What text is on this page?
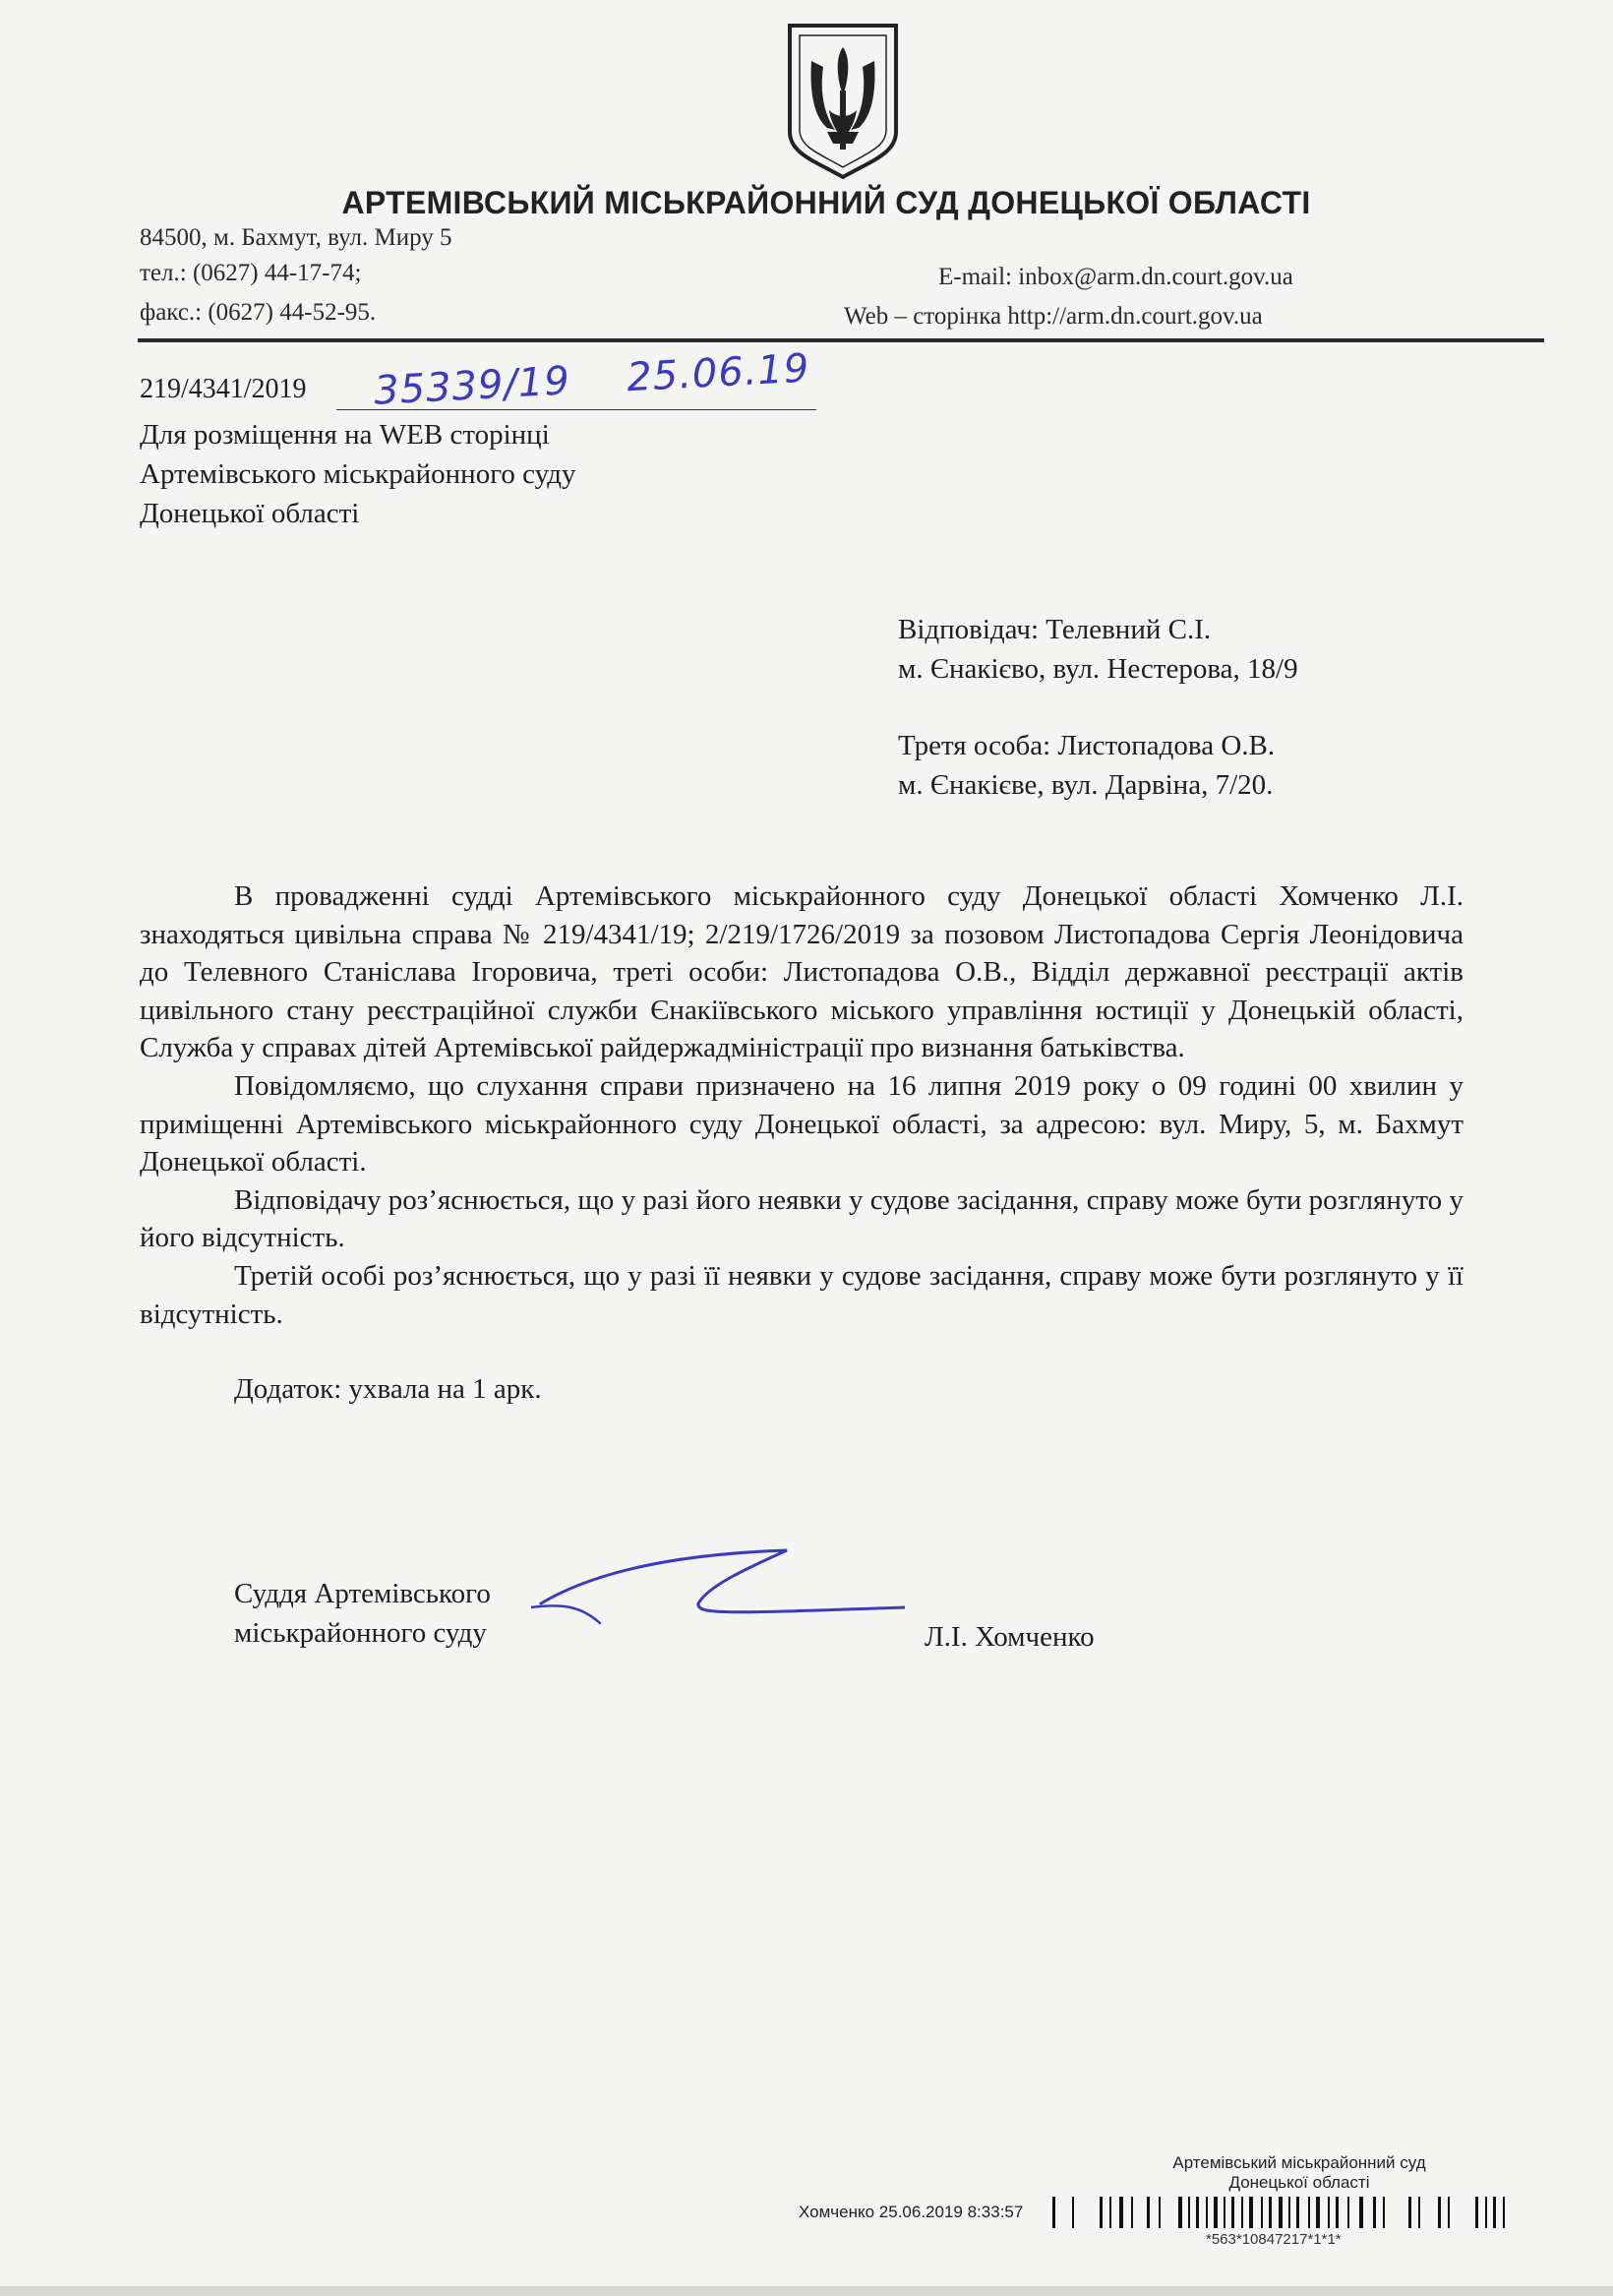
АРТЕМІВСЬКИЙ МІСЬКРАЙОННИЙ СУД ДОНЕЦЬКОЇ ОБЛАСТІ
84500, м. Бахмут, вул. Миру 5
тел.: (0627) 44-17-74;
факс.: (0627) 44-52-95.
E-mail: inbox@arm.dn.court.gov.ua
Web – сторінка http://arm.dn.court.gov.ua
219/4341/2019 35339/19 25.06.19
Для розміщення на WEB сторінці
Артемівського міськрайонного суду
Донецької області
Відповідач: Телевний С.І.
м. Єнакієво, вул. Нестерова, 18/9
Третя особа: Листопадова О.В.
м. Єнакієве, вул. Дарвіна, 7/20.

В провадженні судді Артемівського міськрайонного суду Донецької області Хомченко Л.І. знаходяться цивільна справа № 219/4341/19; 2/219/1726/2019 за позовом Листопадова Сергія Леонідовича до Телевного Станіслава Ігоровича, треті особи: Листопадова О.В., Відділ державної реєстрації актів цивільного стану реєстраційної служби Єнакіївського міського управління юстиції у Донецькій області, Служба у справах дітей Артемівської райдержадміністрації про визнання батьківства.

Повідомляємо, що слухання справи призначено на 16 липня 2019 року о 09 годині 00 хвилин у приміщенні Артемівського міськрайонного суду Донецької області, за адресою: вул. Миру, 5, м. Бахмут Донецької області.

Відповідачу роз’яснюється, що у разі його неявки у судове засідання, справу може бути розглянуто у його відсутність.

Третій особі роз’яснюється, що у разі її неявки у судове засідання, справу може бути розглянуто у її відсутність.

Додаток: ухвала на 1 арк.

Суддя Артемівського
міськрайонного суду	Л.І. Хомченко
Артемівський міськрайонний суд
Донецької області
Хомченко 25.06.2019 8:33:57
*563*10847217*1*1*
